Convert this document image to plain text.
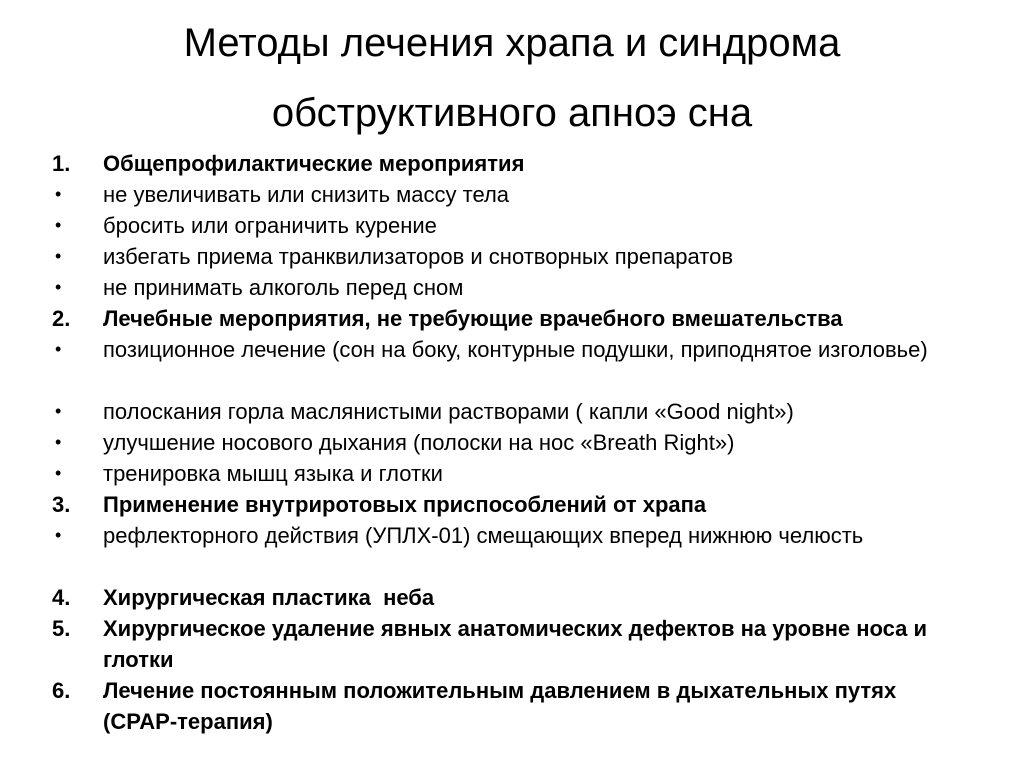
Методы лечения храпа и синдрома
обструктивного апноэ сна
1. Общепрофилактические мероприятия
• не увеличивать или снизить массу тела
• бросить или ограничить курение
• избегать приема транквилизаторов и снотворных препаратов
• не принимать алкоголь перед сном
2. Лечебные мероприятия, не требующие врачебного вмешательства
• позиционное лечение (сон на боку, контурные подушки, приподнятое изголовье)
• полоскания горла маслянистыми растворами ( капли «Good night»)
• улучшение носового дыхания (полоски на нос «Breath Right»)
• тренировка мышц языка и глотки
3. Применение внутриротовых приспособлений от храпа
• рефлекторного действия (УПЛХ-01) смещающих вперед нижнюю челюсть
4. Хирургическая пластика  неба
5. Хирургическое удаление явных анатомических дефектов на уровне носа и глотки
6. Лечение постоянным положительным давлением в дыхательных путях (CPAP-терапия)
